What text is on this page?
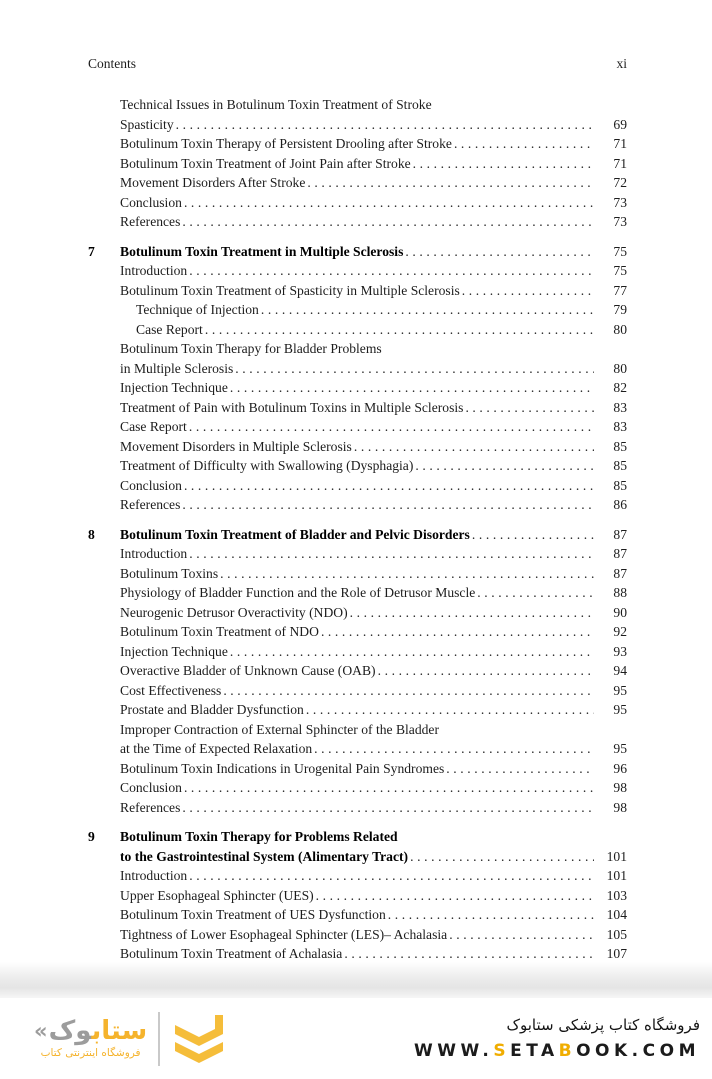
Contents	xi
Technical Issues in Botulinum Toxin Treatment of Stroke
Spasticity .....	69
Botulinum Toxin Therapy of Persistent Drooling after Stroke .....	71
Botulinum Toxin Treatment of Joint Pain after Stroke .....	71
Movement Disorders After Stroke .....	72
Conclusion .....	73
References .....	73
7	Botulinum Toxin Treatment in Multiple Sclerosis .....	75
Introduction .....	75
Botulinum Toxin Treatment of Spasticity in Multiple Sclerosis .....	77
Technique of Injection .....	79
Case Report .....	80
Botulinum Toxin Therapy for Bladder Problems
in Multiple Sclerosis .....	80
Injection Technique .....	82
Treatment of Pain with Botulinum Toxins in Multiple Sclerosis .....	83
Case Report .....	83
Movement Disorders in Multiple Sclerosis .....	85
Treatment of Difficulty with Swallowing (Dysphagia) .....	85
Conclusion .....	85
References .....	86
8	Botulinum Toxin Treatment of Bladder and Pelvic Disorders .....	87
Introduction .....	87
Botulinum Toxins .....	87
Physiology of Bladder Function and the Role of Detrusor Muscle .....	88
Neurogenic Detrusor Overactivity (NDO) .....	90
Botulinum Toxin Treatment of NDO .....	92
Injection Technique .....	93
Overactive Bladder of Unknown Cause (OAB) .....	94
Cost Effectiveness .....	95
Prostate and Bladder Dysfunction .....	95
Improper Contraction of External Sphincter of the Bladder
at the Time of Expected Relaxation .....	95
Botulinum Toxin Indications in Urogenital Pain Syndromes .....	96
Conclusion .....	98
References .....	98
9	Botulinum Toxin Therapy for Problems Related
to the Gastrointestinal System (Alimentary Tract) .....	101
Introduction .....	101
Upper Esophageal Sphincter (UES) .....	103
Botulinum Toxin Treatment of UES Dysfunction .....	104
Tightness of Lower Esophageal Sphincter (LES)– Achalasia .....	105
Botulinum Toxin Treatment of Achalasia .....	107
«	ستابوک
فروشگاه اینترنتی کتاب
فروشگاه کتاب پزشکی ستابوک
WWW.SETABOOK.COM
